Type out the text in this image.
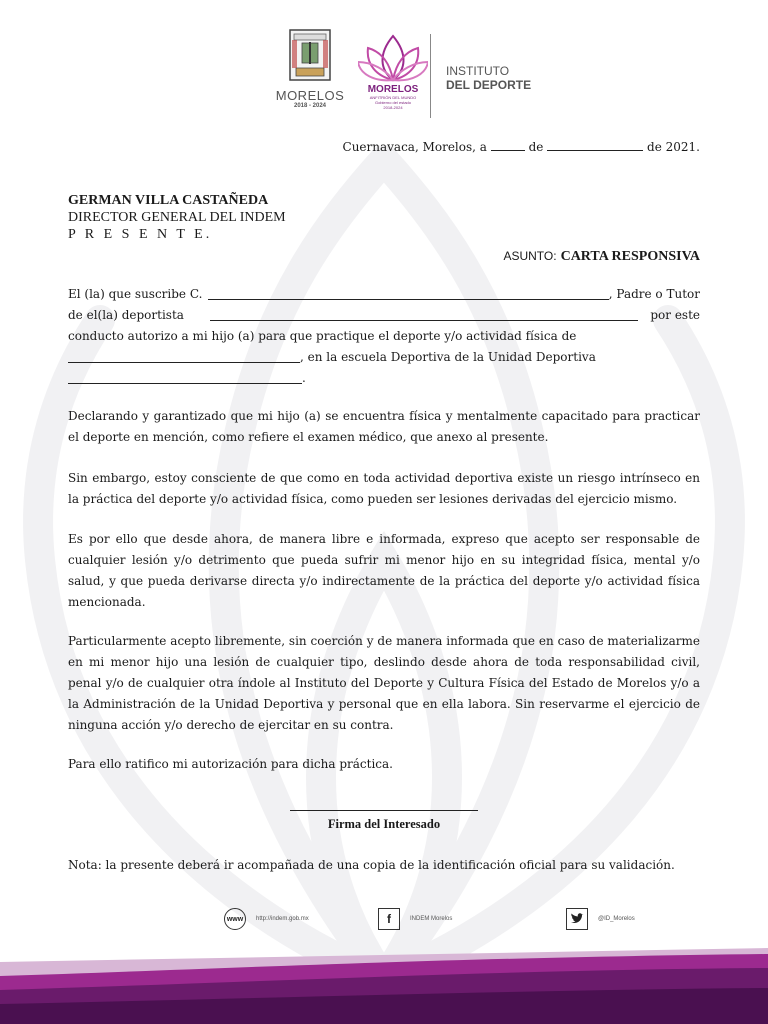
MORELOS
2018 - 2024
MORELOS
ANFITRIÓN DEL MUNDO
Gobierno del estado
2018-2024
INSTITUTO
DEL DEPORTE
Cuernavaca, Morelos, a	de	de 2021.
GERMAN VILLA CASTAÑEDA
DIRECTOR GENERAL DEL INDEM
P R E S E N T E.
ASUNTO: CARTA RESPONSIVA
El (la) que suscribe C.	, Padre o Tutor
de el(la) deportista	por este
conducto autorizo a mi hijo (a) para que practique el deporte y/o actividad física de
, en la escuela Deportiva de la Unidad Deportiva
.
Declarando y garantizado que mi hijo (a) se encuentra física y mentalmente capacitado para practicar el deporte en mención, como refiere el examen médico, que anexo al presente.
Sin embargo, estoy consciente de que como en toda actividad deportiva existe un riesgo intrínseco en la práctica del deporte y/o actividad física, como pueden ser lesiones derivadas del ejercicio mismo.
Es por ello que desde ahora, de manera libre e informada, expreso que acepto ser responsable de cualquier lesión y/o detrimento que pueda sufrir mi menor hijo en su integridad física, mental y/o salud, y que pueda derivarse directa y/o indirectamente de la práctica del deporte y/o actividad física mencionada.
Particularmente acepto libremente, sin coerción y de manera informada que en caso de materializarme en mi menor hijo una lesión de cualquier tipo, deslindo desde ahora de toda responsabilidad civil, penal y/o de cualquier otra índole al Instituto del Deporte y Cultura Física del Estado de Morelos y/o a la Administración de la Unidad Deportiva y personal que en ella labora. Sin reservarme el ejercicio de ninguna acción y/o derecho de ejercitar en su contra.
Para ello ratifico mi autorización para dicha práctica.
Firma del Interesado
Nota: la presente deberá ir acompañada de una copia de la identificación oficial para su validación.
www	http://indem.gob.mx	f	INDEM Morelos	@ID_Morelos
